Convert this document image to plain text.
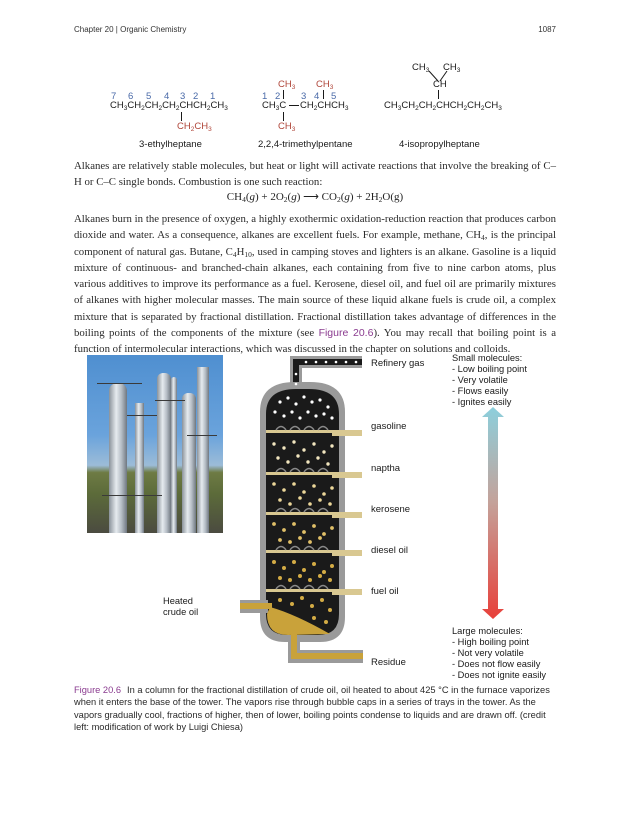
Chapter 20 | Organic Chemistry	1087
7 6 5 4 3 2 1
$CH_3CH_2CH_2CH_2CHCH_2CH_3$
$CH_2CH_3$
3-ethylheptane
$CH_3$ $CH_3$
1 2 3 4 5
$CH_3C$ $CH_2CHCH_3$
$CH_3$
2,2,4-trimethylpentane
$CH_3$ $CH_3$
CH
$CH_3CH_2CH_2CHCH_2CH_2CH_3$
4-isopropylheptane
Alkanes are relatively stable molecules, but heat or light will activate reactions that involve the breaking of C–H or C–C single bonds. Combustion is one such reaction:
$CH_4(g) + 2O_2(g)$ ⟶ $CO_2(g) + 2H_2O(g)$
Alkanes burn in the presence of oxygen, a highly exothermic oxidation-reduction reaction that produces carbon dioxide and water. As a consequence, alkanes are excellent fuels. For example, methane, $CH_4$, is the principal component of natural gas. Butane, $C_4H_{10}$, used in camping stoves and lighters is an alkane. Gasoline is a liquid mixture of continuous- and branched-chain alkanes, each containing from five to nine carbon atoms, plus various additives to improve its performance as a fuel. Kerosene, diesel oil, and fuel oil are primarily mixtures of alkanes with higher molecular masses. The main source of these liquid alkane fuels is crude oil, a complex mixture that is separated by fractional distillation. Fractional distillation takes advantage of differences in the boiling points of the components of the mixture (see Figure 20.6). You may recall that boiling point is a function of intermolecular interactions, which was discussed in the chapter on solutions and colloids.
Refinery gas
gasoline
naptha
kerosene
diesel oil
fuel oil
Residue
Heated
crude oil
Small molecules:
- Low boiling point
- Very volatile
- Flows easily
- Ignites easily
Large molecules:
- High boiling point
- Not very volatile
- Does not flow easily
- Does not ignite easily
Figure 20.6 In a column for the fractional distillation of crude oil, oil heated to about 425 °C in the furnace vaporizes when it enters the base of the tower. The vapors rise through bubble caps in a series of trays in the tower. As the vapors gradually cool, fractions of higher, then of lower, boiling points condense to liquids and are drawn off. (credit left: modification of work by Luigi Chiesa)
